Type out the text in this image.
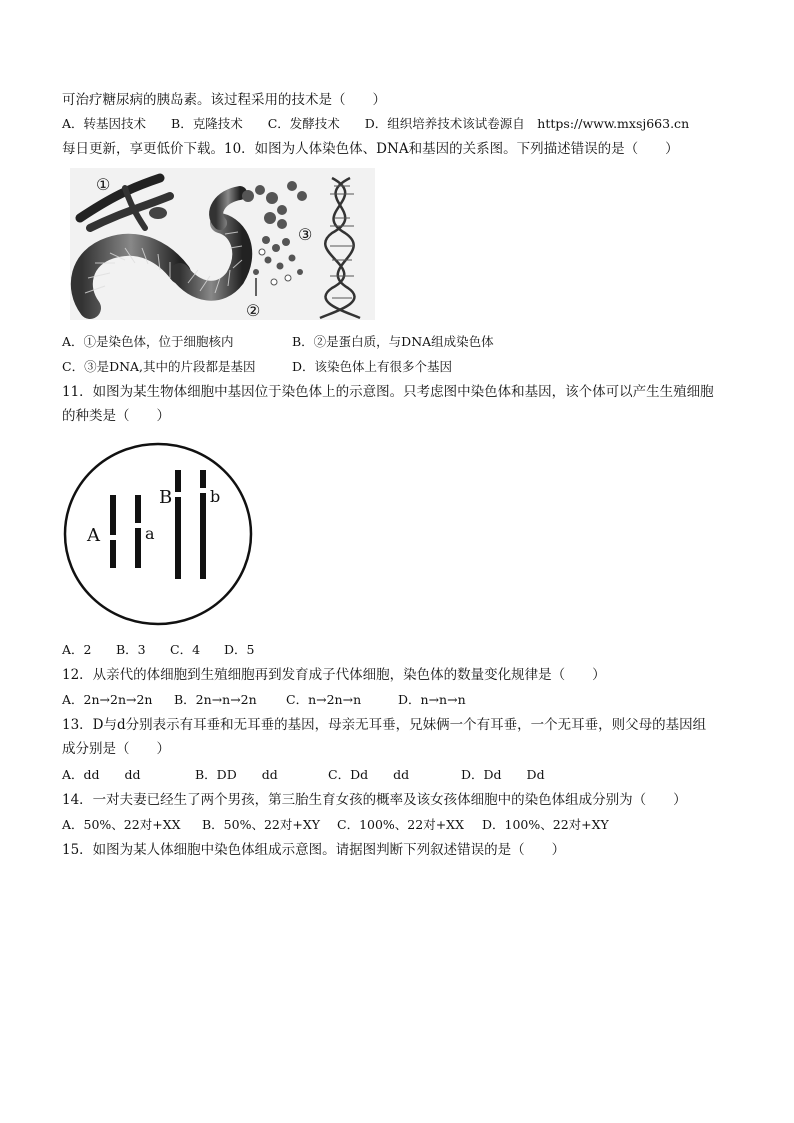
可治疗糖尿病的胰岛素。该过程采用的技术是（　　）
A．转基因技术　　B．克隆技术　　C．发酵技术　　D．组织培养技术该试卷源自　https://www.mxsj663.cn
每日更新，享更低价下载。10．如图为人体染色体、DNA和基因的关系图。下列描述错误的是（　　）
①
③
②
A．①是染色体，位于细胞核内	B．②是蛋白质，与DNA组成染色体
C．③是DNA,其中的片段都是基因	D．该染色体上有很多个基因
11．如图为某生物体细胞中基因位于染色体上的示意图。只考虑图中染色体和基因，该个体可以产生生殖细胞
的种类是（　　）
A	a
B b
A．2 B．3 C．4 D．5
12．从亲代的体细胞到生殖细胞再到发育成子代体细胞，染色体的数量变化规律是（　　）
A．2n→2n→2n B．2n→n→2n C．n→2n→n	D．n→n→n
13．D与d分别表示有耳垂和无耳垂的基因，母亲无耳垂，兄妹俩一个有耳垂，一个无耳垂，则父母的基因组
成分别是（　　）
A．dd　　dd	B．DD　　dd	C．Dd　　dd	D．Dd　　Dd
14．一对夫妻已经生了两个男孩，第三胎生育女孩的概率及该女孩体细胞中的染色体组成分别为（　　）
A．50%、22对+XX B．50%、22对+XY C．100%、22对+XX D．100%、22对+XY
15．如图为某人体细胞中染色体组成示意图。请据图判断下列叙述错误的是（　　）
